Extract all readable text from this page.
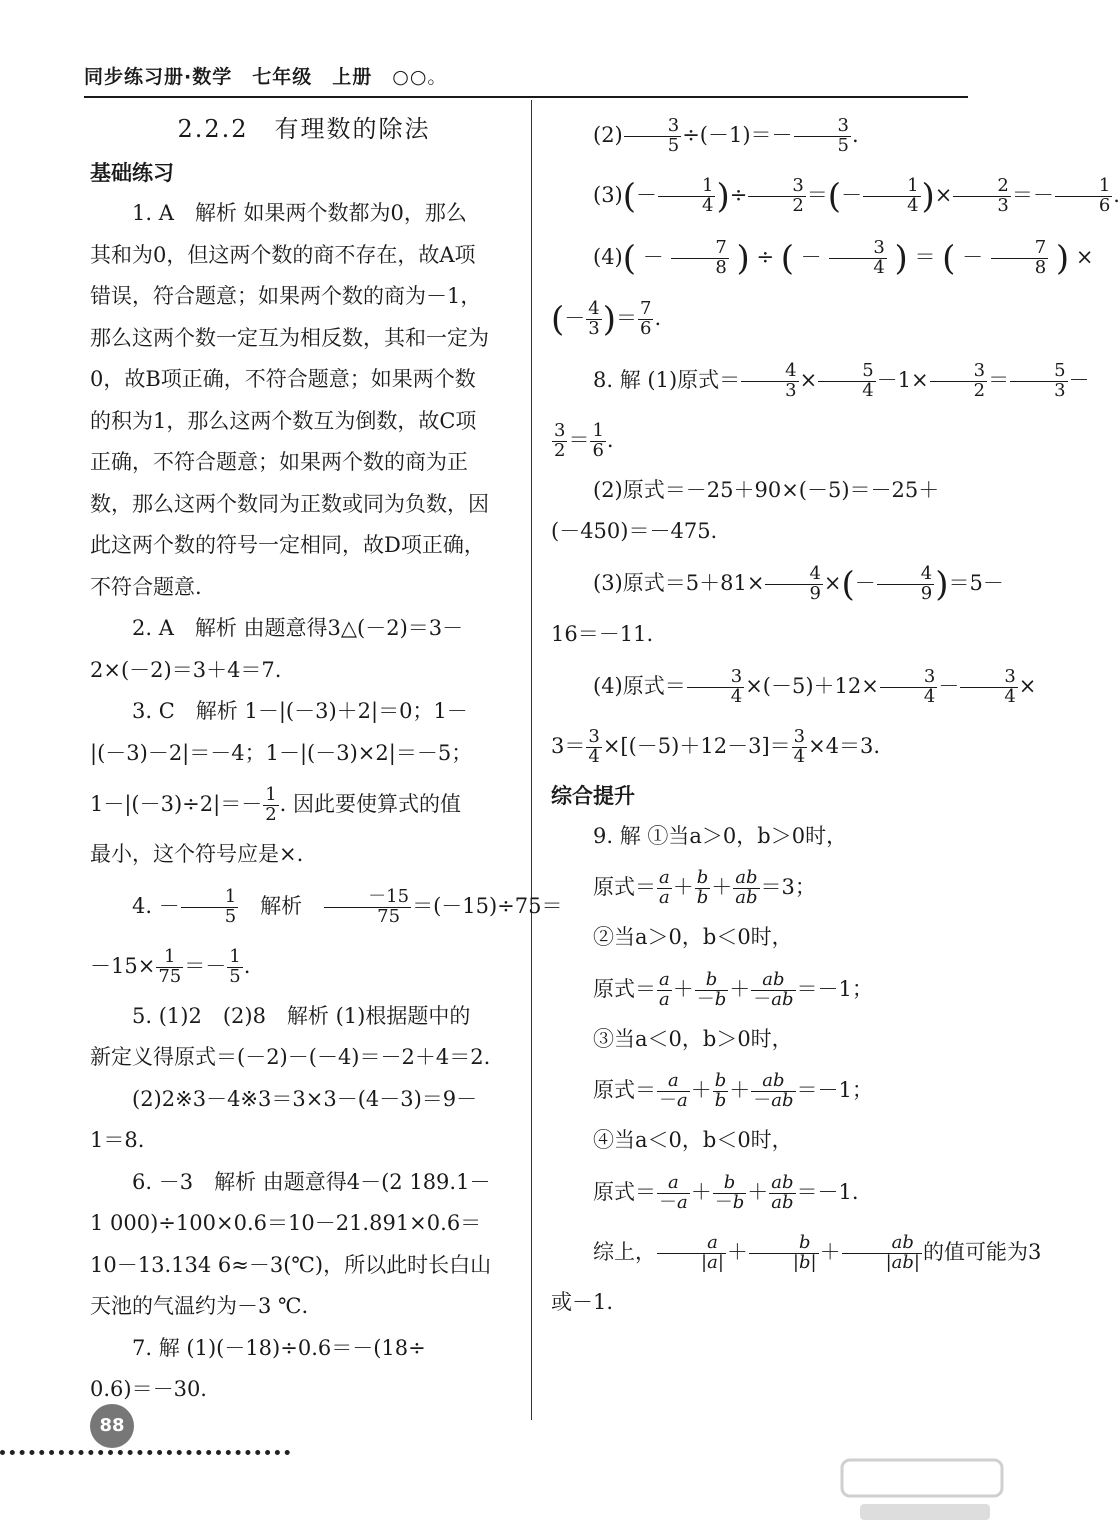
同步练习册·数学　七年级　上册　 ○○。
2.2.2　有理数的除法
基础练习

1. A　解析 如果两个数都为0，那么

其和为0，但这两个数的商不存在，故A项

错误，符合题意；如果两个数的商为－1，

那么这两个数一定互为相反数，其和一定为

0，故B项正确，不符合题意；如果两个数

的积为1，那么这两个数互为倒数，故C项

正确，不符合题意；如果两个数的商为正

数，那么这两个数同为正数或同为负数，因

此这两个数的符号一定相同，故D项正确，

不符合题意.

2. A　解析 由题意得3△(－2)＝3－

2×(－2)＝3＋4＝7.

3. C　解析 1－|(－3)＋2|＝0；1－

|(－3)－2|＝－4；1－|(－3)×2|＝－5；

$1-|(-3)\div 2|=- \frac{1}{2}$ . 因此要使算式的值

最小，这个符号应是×.

4. － $\frac{1}{5}$ 　解析　 $\frac{-15}{75} =(-15)\div 75=$

$-15\times \frac{1}{75} =- \frac{1}{5}$ .

5. (1)2　(2)8　解析 (1)根据题中的

新定义得原式＝(－2)－(－4)＝－2＋4＝2.

(2)2※3－4※3＝3×3－(4－3)＝9－

1＝8.

6. －3　解析 由题意得4－(2 189.1－

1 000)÷100×0.6＝10－21.891×0.6＝

10－13.134 6≈－3(℃)，所以此时长白山

天池的气温约为－3 ℃.

7. 解 (1)(－18)÷0.6＝－(18÷

0.6)＝－30.

$(2) \frac{3}{5} \div(-1)=- \frac{3}{5}$ .

$(3)(- \frac{1}{4}$ )÷ $\frac{3}{2}$ ＝(－ $\frac{1}{4}$ )× $\frac{2}{3} =- \frac{1}{6}$ .

$(4)( - \frac{7}{8}$ ) ÷ ( － $\frac{3}{4}$ ) ＝ ( － $\frac{7}{8}$ ) ×

(－ $\frac{4}{3}$ )＝ $\frac{7}{6}$ .

8. 解 (1)原式＝ $\frac{4}{3} \times \frac{5}{4} -1\times \frac{3}{2} = \frac{5}{3}$ －

$\frac{3}{2} = \frac{1}{6}$ .

(2)原式＝－25＋90×(－5)＝－25＋

(－450)＝－475.

(3)原式$=5+81\times \frac{4}{9}$ ×(－ $\frac{4}{9} )=5-$

16＝－11.

(4)原式＝ $\frac{3}{4} \times(-5)+12\times \frac{3}{4} - \frac{3}{4}$ ×

$3= \frac{3}{4} \times[(-5)+12-3]= \frac{3}{4} \times 4=3$.

综合提升

9. 解 ①当a＞0，b＞0时，

原式＝ $\frac{a}{a} + \frac{b}{b} + \frac{ab}{ab} =3$；

②当a＞0，b＜0时，

原式＝ $\frac{a}{a} + \frac{b}{-b} + \frac{ab}{-ab} =-1$；

③当a＜0，b＞0时，

原式＝ $\frac{a}{-a} + \frac{b}{b} + \frac{ab}{-ab} =-1$；

④当a＜0，b＜0时，

原式＝ $\frac{a}{-a} + \frac{b}{-b} + \frac{ab}{ab} =-1$.

综上， $\frac{a}{|a|} + \frac{b}{|b|} + \frac{ab}{|ab|}$ 的值可能为3

或－1.

88
